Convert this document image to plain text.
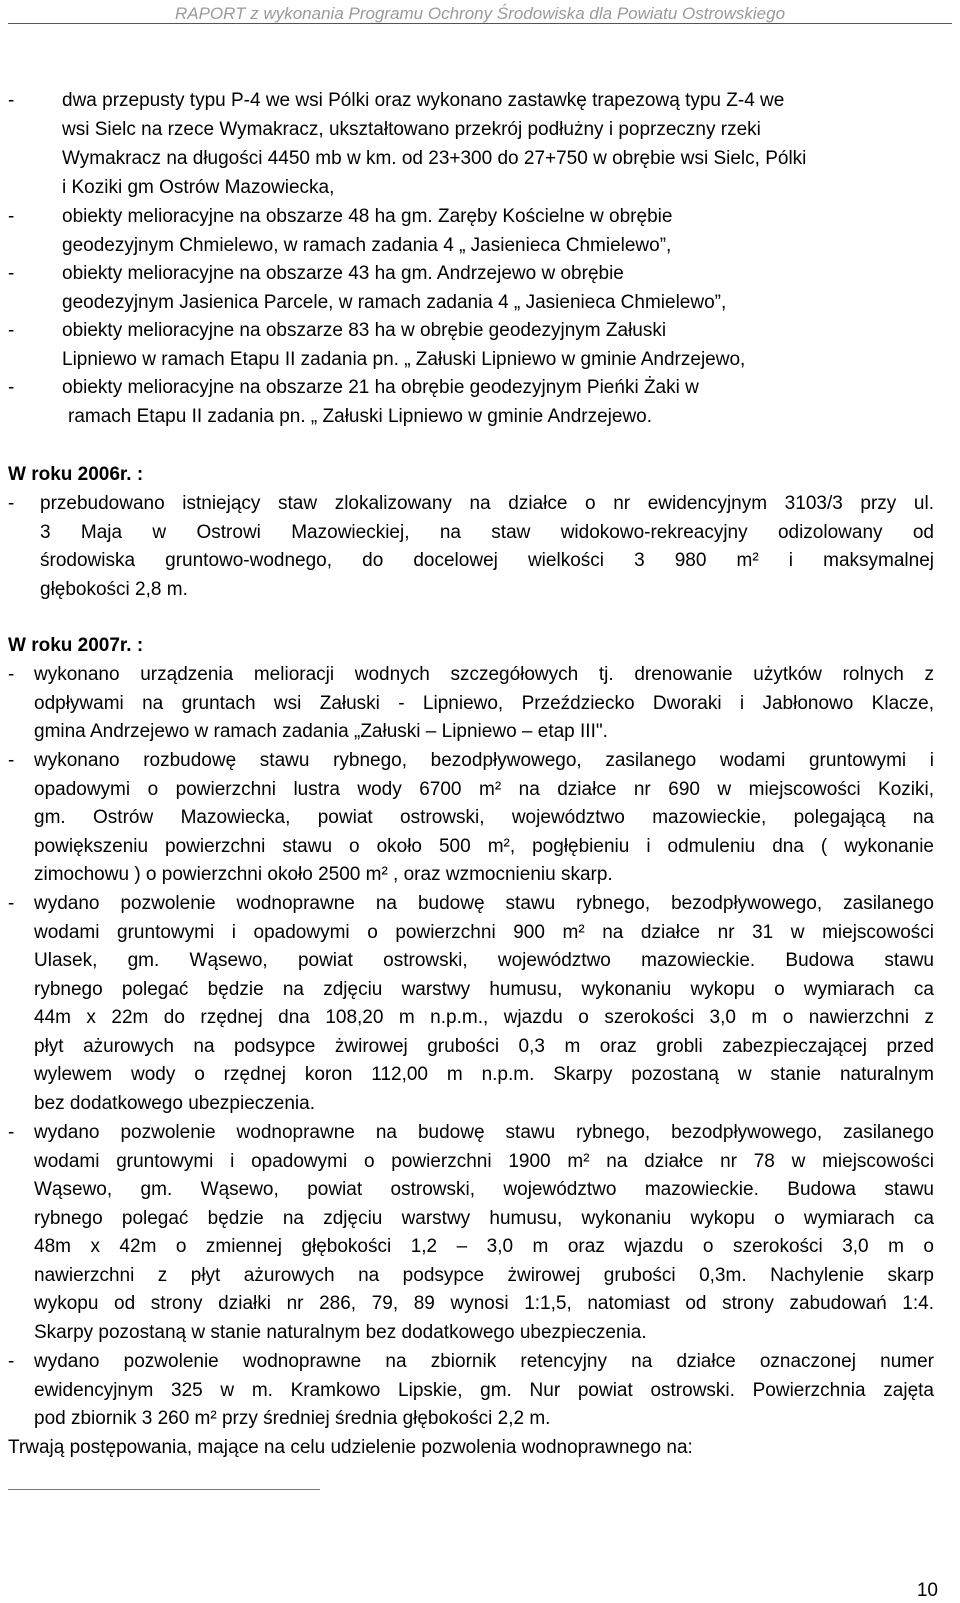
RAPORT z wykonania Programu Ochrony Środowiska dla Powiatu Ostrowskiego
-	dwa przepusty typu P-4 we wsi Pólki oraz wykonano zastawkę trapezową typu Z-4 we
wsi Sielc na rzece Wymakracz, ukształtowano przekrój podłużny i poprzeczny rzeki
Wymakracz na długości 4450 mb w km. od 23+300 do 27+750 w obrębie wsi Sielc, Pólki
i Koziki gm Ostrów Mazowiecka,
-	obiekty melioracyjne na obszarze 48 ha gm. Zaręby Kościelne w obrębie
geodezyjnym Chmielewo, w ramach zadania 4 „ Jasienieca Chmielewo”,
-	obiekty melioracyjne na obszarze 43 ha gm. Andrzejewo w obrębie
geodezyjnym Jasienica Parcele, w ramach zadania 4 „ Jasienieca Chmielewo”,
-	obiekty melioracyjne na obszarze 83 ha w obrębie geodezyjnym Załuski
Lipniewo w ramach Etapu II zadania pn. „ Załuski Lipniewo w gminie Andrzejewo,
-	obiekty melioracyjne na obszarze 21 ha obrębie geodezyjnym Pieńki Żaki w
ramach Etapu II zadania pn. „ Załuski Lipniewo w gminie Andrzejewo.
W roku 2006r. :
- przebudowano istniejący staw zlokalizowany na działce o nr ewidencyjnym 3103/3 przy ul.
3 Maja w Ostrowi Mazowieckiej, na staw widokowo-rekreacyjny odizolowany od
środowiska gruntowo-wodnego, do docelowej wielkości 3 980 m² i maksymalnej
głębokości 2,8 m.
W roku 2007r. :
- wykonano urządzenia melioracji wodnych szczegółowych tj. drenowanie użytków rolnych z
odpływami na gruntach wsi Załuski - Lipniewo, Przeździecko Dworaki i Jabłonowo Klacze,
gmina Andrzejewo w ramach zadania „Załuski – Lipniewo – etap III".
- wykonano rozbudowę stawu rybnego, bezodpływowego, zasilanego wodami gruntowymi i
opadowymi o powierzchni lustra wody 6700 m² na działce nr 690 w miejscowości Koziki,
gm. Ostrów Mazowiecka, powiat ostrowski, województwo mazowieckie, polegającą na
powiększeniu powierzchni stawu o około 500 m², pogłębieniu i odmuleniu dna ( wykonanie
zimochowu ) o powierzchni około 2500 m² , oraz wzmocnieniu skarp.
- wydano pozwolenie wodnoprawne na budowę stawu rybnego, bezodpływowego, zasilanego
wodami gruntowymi i opadowymi o powierzchni 900 m² na działce nr 31 w miejscowości
Ulasek, gm. Wąsewo, powiat ostrowski, województwo mazowieckie. Budowa stawu
rybnego polegać będzie na zdjęciu warstwy humusu, wykonaniu wykopu o wymiarach ca
44m x 22m do rzędnej dna 108,20 m n.p.m., wjazdu o szerokości 3,0 m o nawierzchni z
płyt ażurowych na podsypce żwirowej grubości 0,3 m oraz grobli zabezpieczającej przed
wylewem wody o rzędnej koron 112,00 m n.p.m. Skarpy pozostaną w stanie naturalnym
bez dodatkowego ubezpieczenia.
- wydano pozwolenie wodnoprawne na budowę stawu rybnego, bezodpływowego, zasilanego
wodami gruntowymi i opadowymi o powierzchni 1900 m² na działce nr 78 w miejscowości
Wąsewo, gm. Wąsewo, powiat ostrowski, województwo mazowieckie. Budowa stawu
rybnego polegać będzie na zdjęciu warstwy humusu, wykonaniu wykopu o wymiarach ca
48m x 42m o zmiennej głębokości 1,2 – 3,0 m oraz wjazdu o szerokości 3,0 m o
nawierzchni z płyt ażurowych na podsypce żwirowej grubości 0,3m. Nachylenie skarp
wykopu od strony działki nr 286, 79, 89 wynosi 1:1,5, natomiast od strony zabudowań 1:4.
Skarpy pozostaną w stanie naturalnym bez dodatkowego ubezpieczenia.
- wydano pozwolenie wodnoprawne na zbiornik retencyjny na działce oznaczonej numer
ewidencyjnym 325 w m. Kramkowo Lipskie, gm. Nur powiat ostrowski. Powierzchnia zajęta
pod zbiornik 3 260 m² przy średniej średnia głębokości 2,2 m.
Trwają postępowania, mające na celu udzielenie pozwolenia wodnoprawnego na:
10
